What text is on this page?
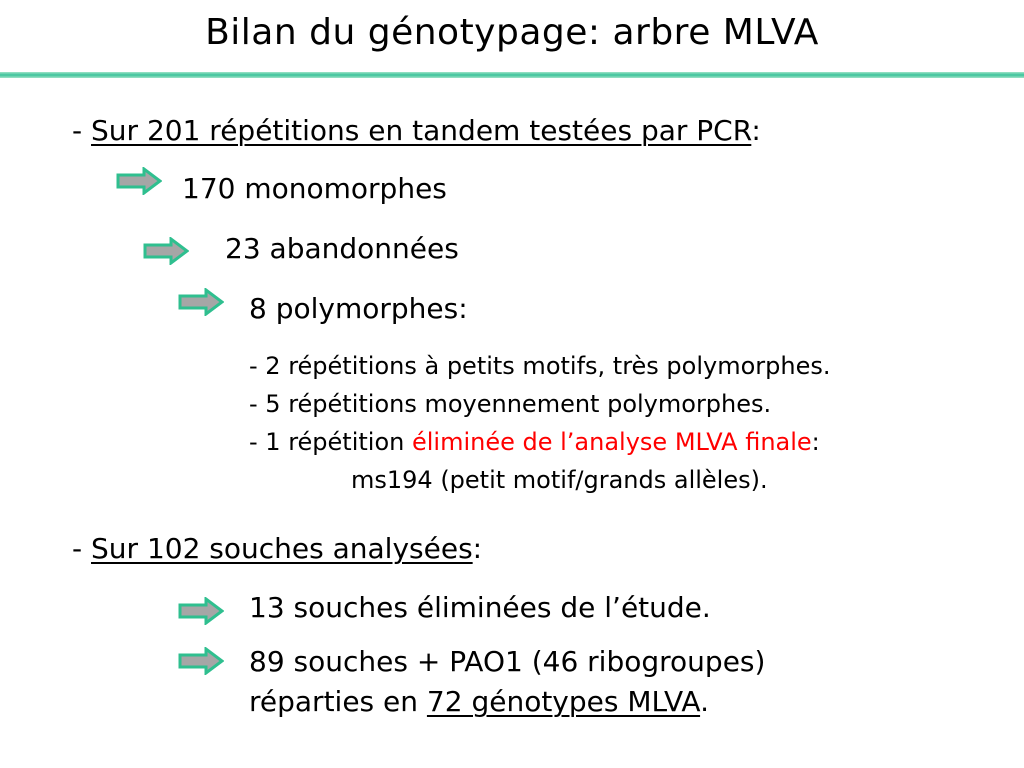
Bilan du génotypage: arbre MLVA
- Sur 201 répétitions en tandem testées par PCR:
170 monomorphes
23 abandonnées
8 polymorphes:
- 2 répétitions à petits motifs, très polymorphes.
- 5 répétitions moyennement polymorphes.
- 1 répétition éliminée de l’analyse MLVA finale:
ms194 (petit motif/grands allèles).
- Sur 102 souches analysées:
13 souches éliminées de l’étude.
89 souches + PAO1 (46 ribogroupes)
réparties en 72 génotypes MLVA.
